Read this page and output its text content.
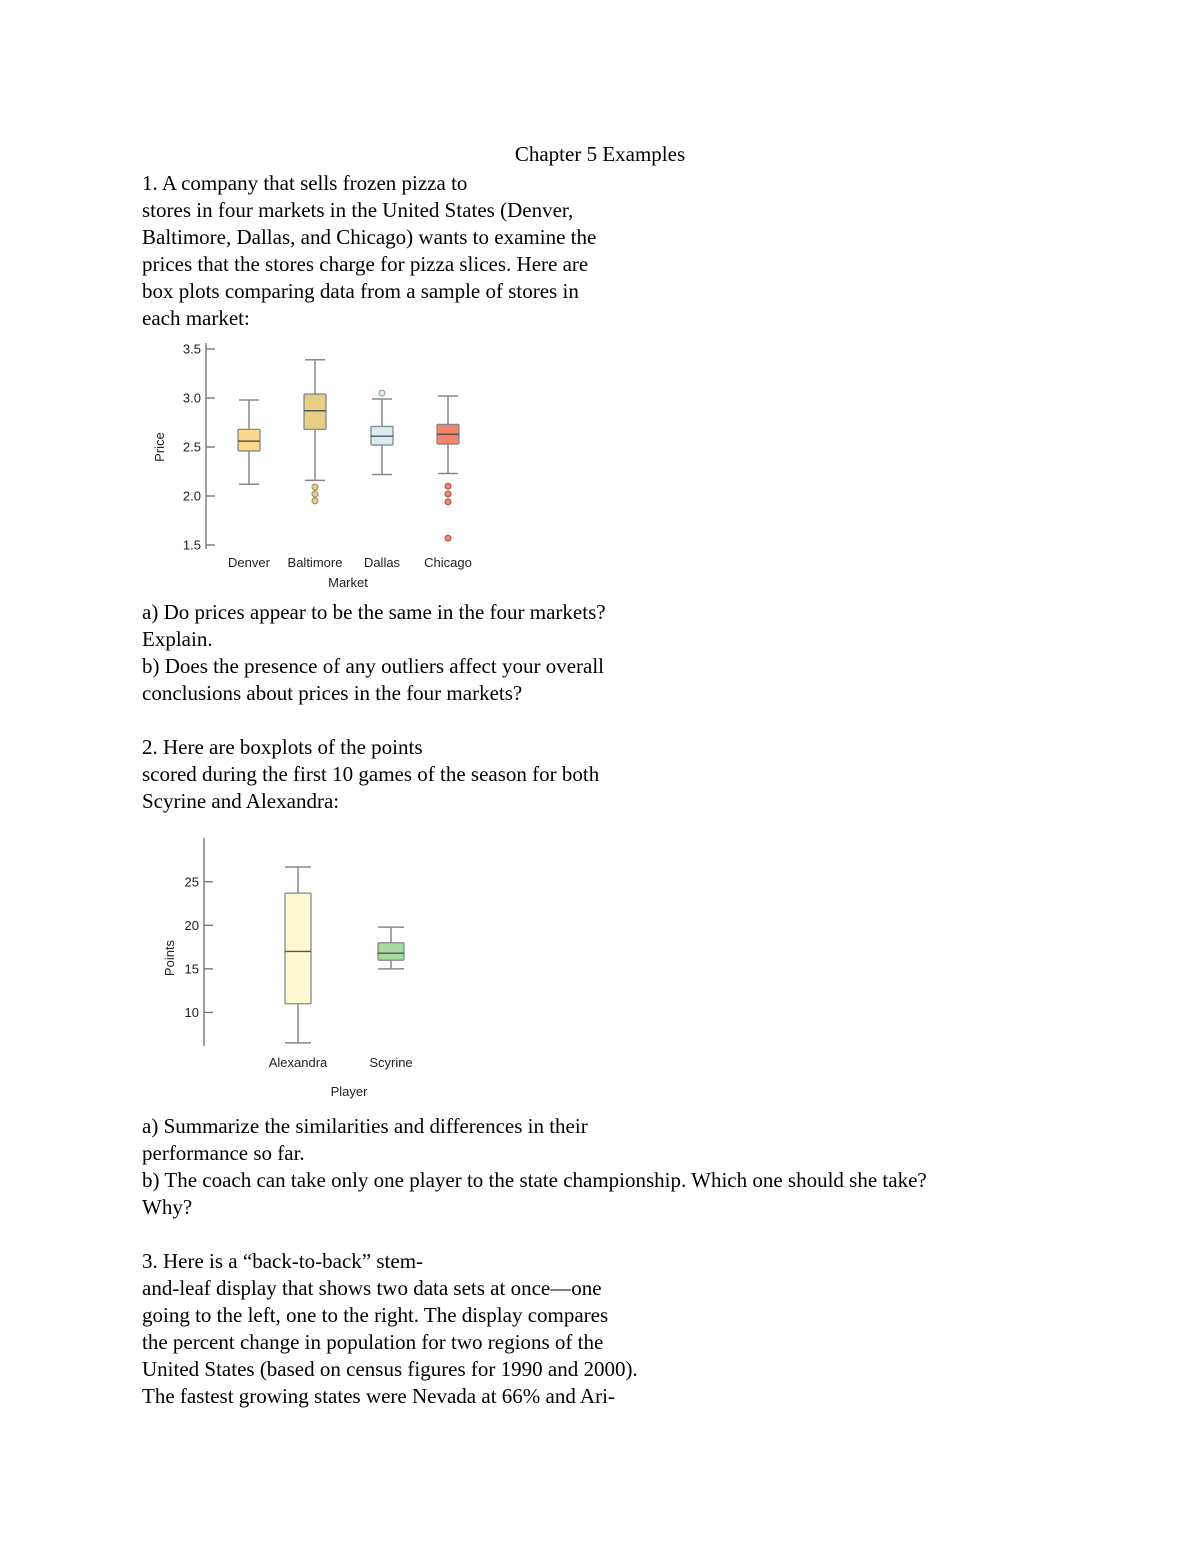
Chapter 5 Examples
1. A company that sells frozen pizza to
stores in four markets in the United States (Denver,
Baltimore, Dallas, and Chicago) wants to examine the
prices that the stores charge for pizza slices. Here are
box plots comparing data from a sample of stores in
each market:
1.5
2.0
2.5
3.0
3.5
Price
Denver Baltimore Dallas Chicago
Market
a) Do prices appear to be the same in the four markets?
Explain.
b) Does the presence of any outliers affect your overall
conclusions about prices in the four markets?
2. Here are boxplots of the points
scored during the first 10 games of the season for both
Scyrine and Alexandra:
10
15
20
25
Points
Alexandra	Scyrine
Player
a) Summarize the similarities and differences in their
performance so far.
b) The coach can take only one player to the state championship. Which one should she take?
Why?
3. Here is a “back-to-back” stem-
and-leaf display that shows two data sets at once—one
going to the left, one to the right. The display compares
the percent change in population for two regions of the
United States (based on census figures for 1990 and 2000).
The fastest growing states were Nevada at 66% and Ari-
